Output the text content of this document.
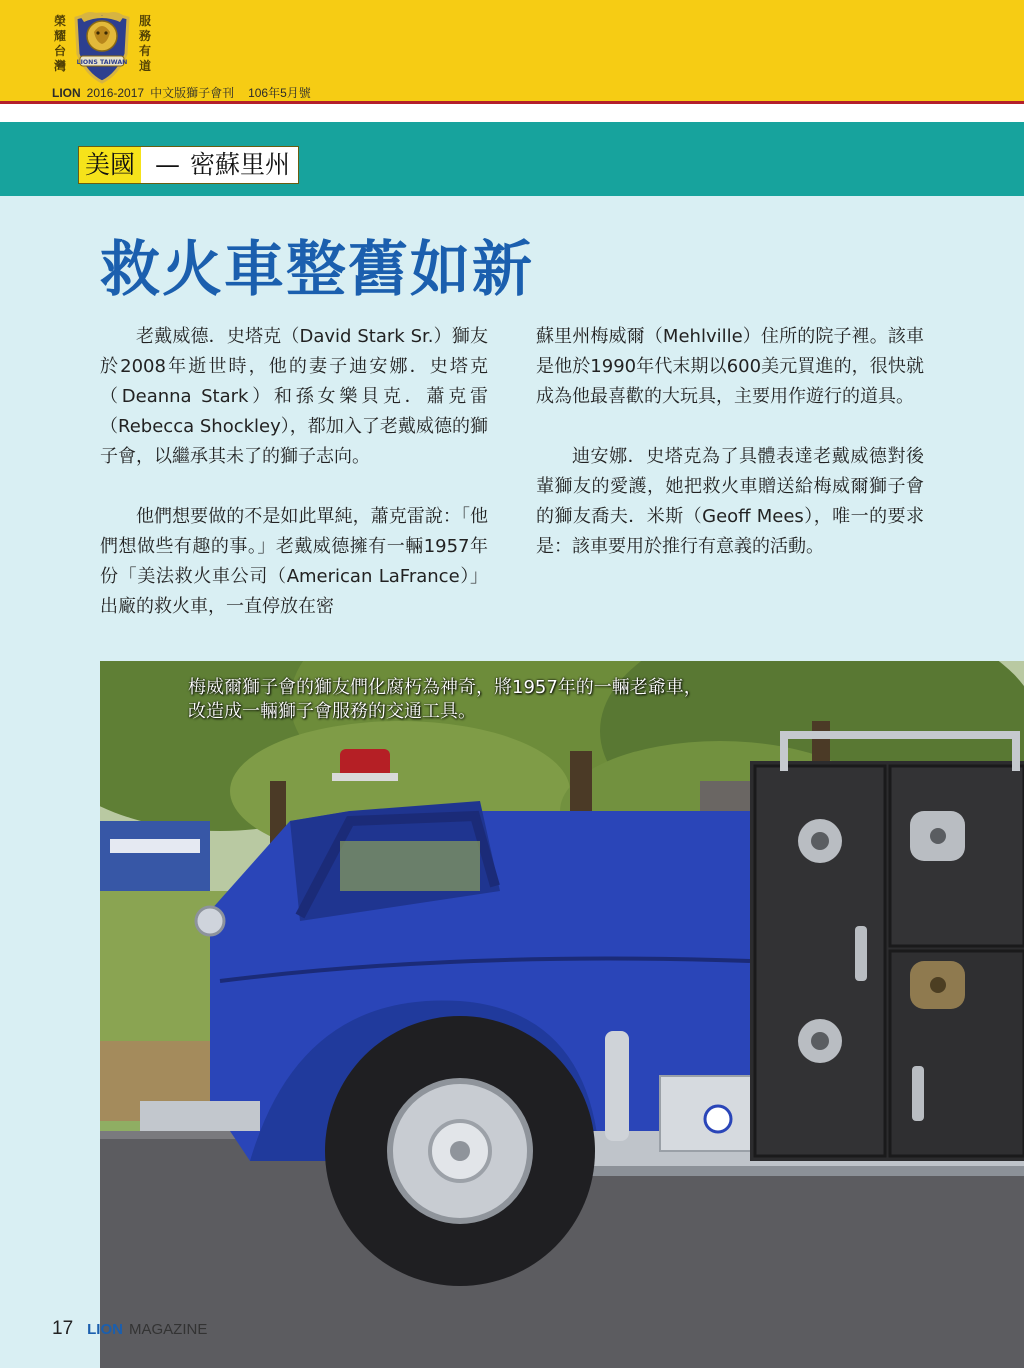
榮
耀
台
灣	LIONS TAIWAN
服
務
有
道
LION 2016-2017 中文版獅子會刊 106年5月號
美國 — 密蘇里州
救火車整舊如新

老戴威德．史塔克（David Stark Sr.）獅友於2008年逝世時，他的妻子迪安娜．史塔克（Deanna Stark）和孫女樂貝克．蕭克雷（Rebecca Shockley），都加入了老戴威德的獅子會，以繼承其未了的獅子志向。

他們想要做的不是如此單純，蕭克雷說：「他們想做些有趣的事。」老戴威德擁有一輛1957年份「美法救火車公司（American LaFrance）」出廠的救火車，一直停放在密

蘇里州梅威爾（Mehlville）住所的院子裡。該車是他於1990年代末期以600美元買進的，很快就成為他最喜歡的大玩具，主要用作遊行的道具。

迪安娜．史塔克為了具體表達老戴威德對後輩獅友的愛護，她把救火車贈送給梅威爾獅子會的獅友喬夫．米斯（Geoff Mees），唯一的要求是：該車要用於推行有意義的活動。

梅威爾獅子會的獅友們化腐朽為神奇，將1957年的一輛老爺車，
改造成一輛獅子會服務的交通工具。
17 LION MAGAZINE
